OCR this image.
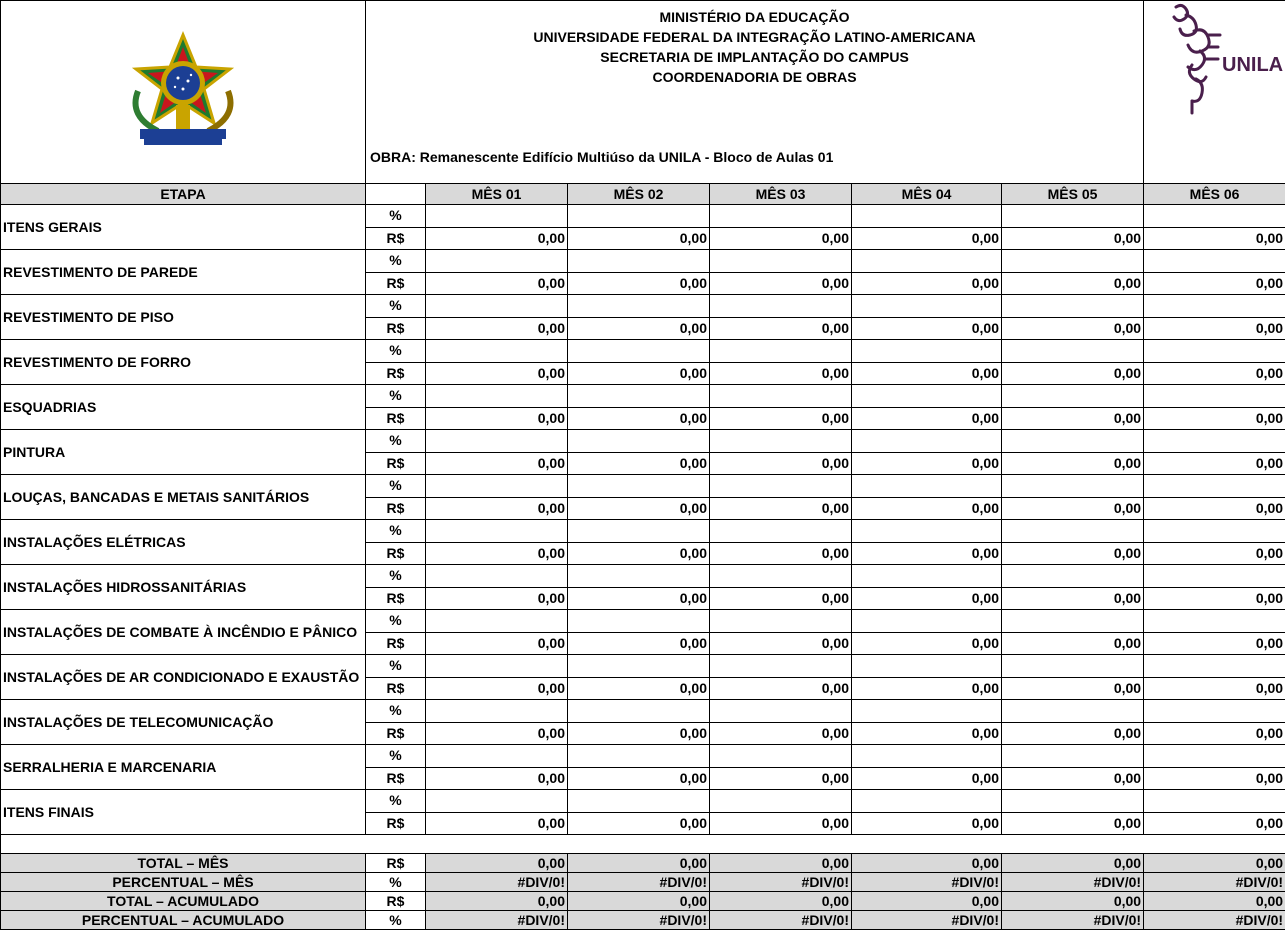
MINISTÉRIO DA EDUCAÇÃO
UNIVERSIDADE FEDERAL DA INTEGRAÇÃO LATINO-AMERICANA
SECRETARIA DE IMPLANTAÇÃO DO CAMPUS
COORDENADORIA DE OBRAS
OBRA: Remanescente Edifício Multiúso da UNILA - Bloco de Aulas 01						UNILA

ETAPA		MÊS 01	MÊS 02	MÊS 03	MÊS 04	MÊS 05	MÊS 06
ITENS GERAIS	%						
	R$	0,00	0,00	0,00	0,00	0,00	0,00
REVESTIMENTO DE PAREDE	%						
	R$	0,00	0,00	0,00	0,00	0,00	0,00
REVESTIMENTO DE PISO	%						
	R$	0,00	0,00	0,00	0,00	0,00	0,00
REVESTIMENTO DE FORRO	%						
	R$	0,00	0,00	0,00	0,00	0,00	0,00
ESQUADRIAS	%						
	R$	0,00	0,00	0,00	0,00	0,00	0,00
PINTURA	%						
	R$	0,00	0,00	0,00	0,00	0,00	0,00
LOUÇAS, BANCADAS E METAIS SANITÁRIOS	%						
	R$	0,00	0,00	0,00	0,00	0,00	0,00
INSTALAÇÕES ELÉTRICAS	%						
	R$	0,00	0,00	0,00	0,00	0,00	0,00
INSTALAÇÕES HIDROSSANITÁRIAS	%						
	R$	0,00	0,00	0,00	0,00	0,00	0,00
INSTALAÇÕES DE COMBATE À INCÊNDIO E PÂNICO	%						
	R$	0,00	0,00	0,00	0,00	0,00	0,00
INSTALAÇÕES DE AR CONDICIONADO E EXAUSTÃO	%						
	R$	0,00	0,00	0,00	0,00	0,00	0,00
INSTALAÇÕES DE TELECOMUNICAÇÃO	%						
	R$	0,00	0,00	0,00	0,00	0,00	0,00
SERRALHERIA E MARCENARIA	%						
	R$	0,00	0,00	0,00	0,00	0,00	0,00
ITENS FINAIS	%						
	R$	0,00	0,00	0,00	0,00	0,00	0,00

TOTAL – MÊS	R$	0,00	0,00	0,00	0,00	0,00	0,00
PERCENTUAL – MÊS	%	#DIV/0!	#DIV/0!	#DIV/0!	#DIV/0!	#DIV/0!	#DIV/0!
TOTAL – ACUMULADO	R$	0,00	0,00	0,00	0,00	0,00	0,00
PERCENTUAL – ACUMULADO	%	#DIV/0!	#DIV/0!	#DIV/0!	#DIV/0!	#DIV/0!	#DIV/0!
